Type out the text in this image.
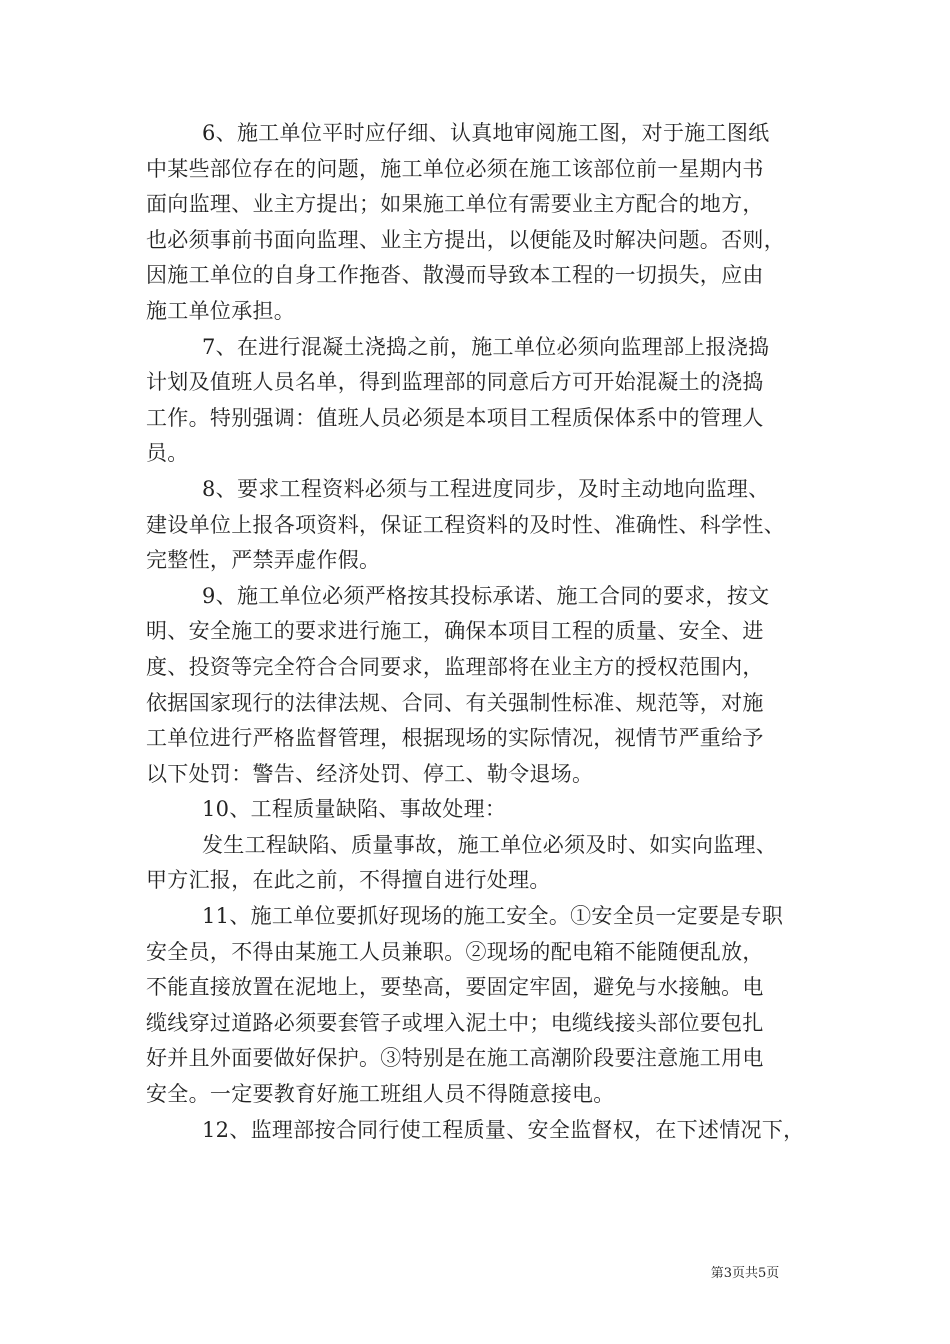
6、施工单位平时应仔细、认真地审阅施工图，对于施工图纸
中某些部位存在的问题，施工单位必须在施工该部位前一星期内书
面向监理、业主方提出；如果施工单位有需要业主方配合的地方，
也必须事前书面向监理、业主方提出，以便能及时解决问题。否则，
因施工单位的自身工作拖沓、散漫而导致本工程的一切损失，应由
施工单位承担。
7、在进行混凝土浇捣之前，施工单位必须向监理部上报浇捣
计划及值班人员名单，得到监理部的同意后方可开始混凝土的浇捣
工作。特别强调：值班人员必须是本项目工程质保体系中的管理人
员。
8、要求工程资料必须与工程进度同步，及时主动地向监理、
建设单位上报各项资料，保证工程资料的及时性、准确性、科学性、
完整性，严禁弄虚作假。
9、施工单位必须严格按其投标承诺、施工合同的要求，按文
明、安全施工的要求进行施工，确保本项目工程的质量、安全、进
度、投资等完全符合合同要求，监理部将在业主方的授权范围内，
依据国家现行的法律法规、合同、有关强制性标准、规范等，对施
工单位进行严格监督管理，根据现场的实际情况，视情节严重给予
以下处罚：警告、经济处罚、停工、勒令退场。
10、工程质量缺陷、事故处理：
发生工程缺陷、质量事故，施工单位必须及时、如实向监理、
甲方汇报，在此之前，不得擅自进行处理。
11、施工单位要抓好现场的施工安全。①安全员一定要是专职
安全员，不得由某施工人员兼职。②现场的配电箱不能随便乱放，
不能直接放置在泥地上，要垫高，要固定牢固，避免与水接触。电
缆线穿过道路必须要套管子或埋入泥土中；电缆线接头部位要包扎
好并且外面要做好保护。③特别是在施工高潮阶段要注意施工用电
安全。一定要教育好施工班组人员不得随意接电。
12、监理部按合同行使工程质量、安全监督权，在下述情况下，
第3页共5页
